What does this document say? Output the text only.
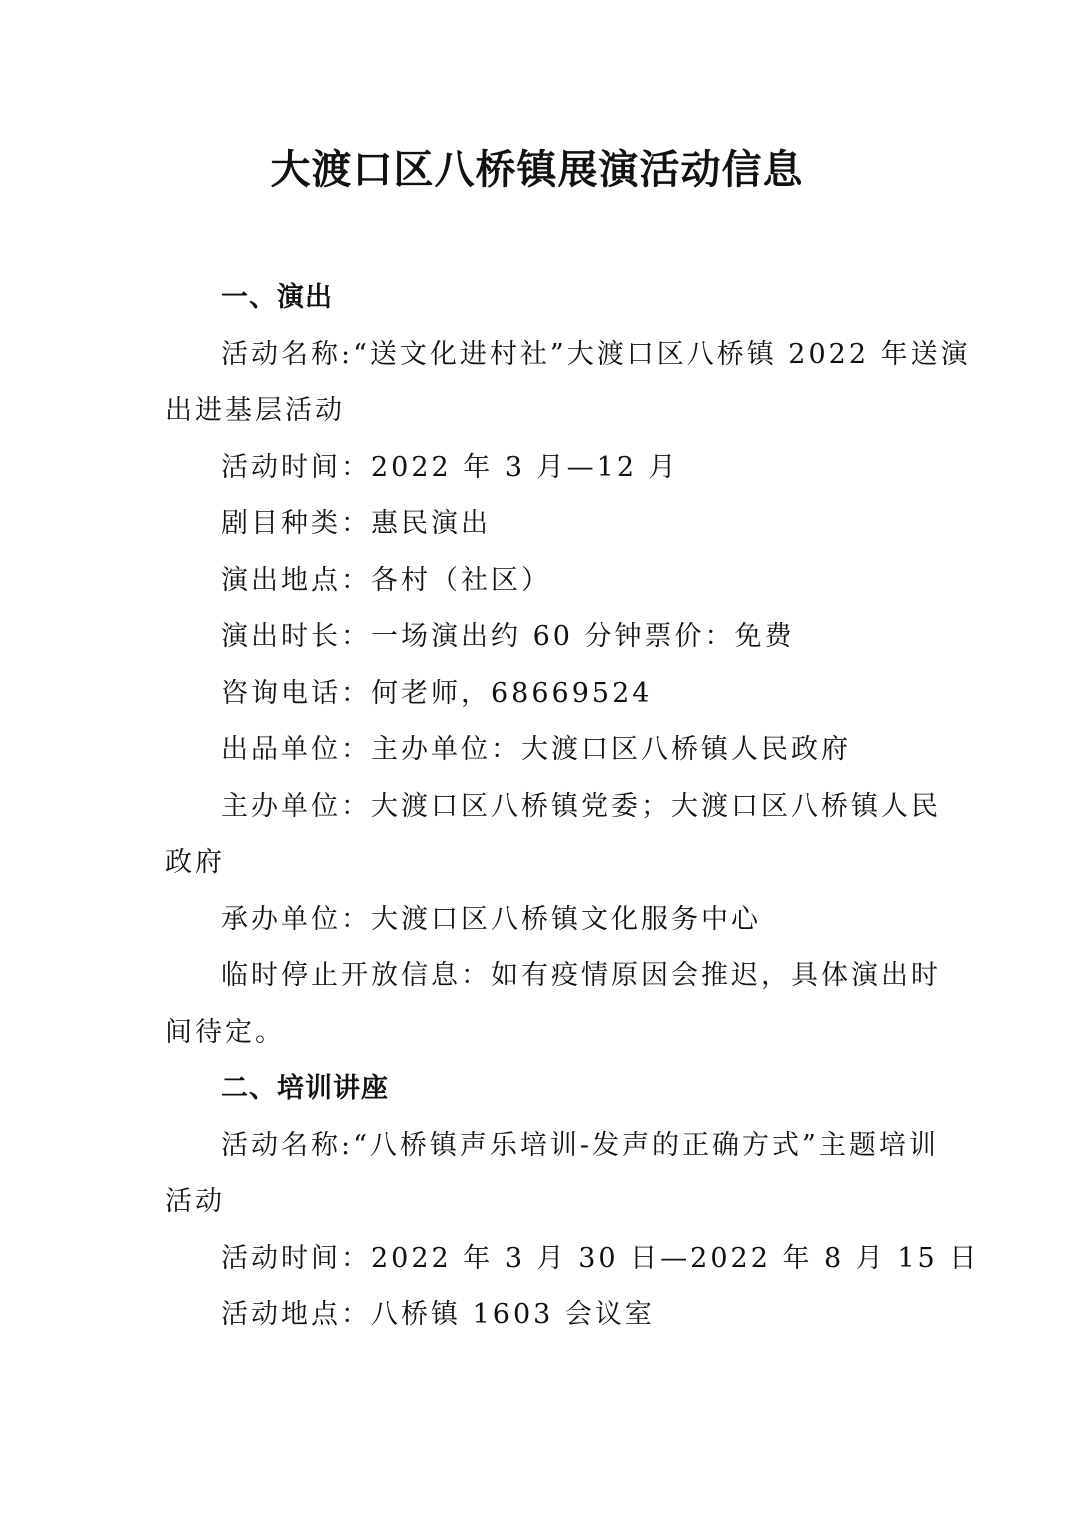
大渡口区八桥镇展演活动信息
一、演出
活动名称:“送文化进村社”大渡口区八桥镇 2022 年送演
出进基层活动
活动时间：2022 年 3 月—12 月
剧目种类：惠民演出
演出地点：各村（社区）
演出时长：一场演出约 60 分钟票价：免费
咨询电话：何老师，68669524
出品单位：主办单位：大渡口区八桥镇人民政府
主办单位：大渡口区八桥镇党委；大渡口区八桥镇人民
政府
承办单位：大渡口区八桥镇文化服务中心
临时停止开放信息：如有疫情原因会推迟，具体演出时
间待定。
二、培训讲座
活动名称:“八桥镇声乐培训-发声的正确方式”主题培训
活动
活动时间：2022 年 3 月 30 日—2022 年 8 月 15 日
活动地点：八桥镇 1603 会议室
